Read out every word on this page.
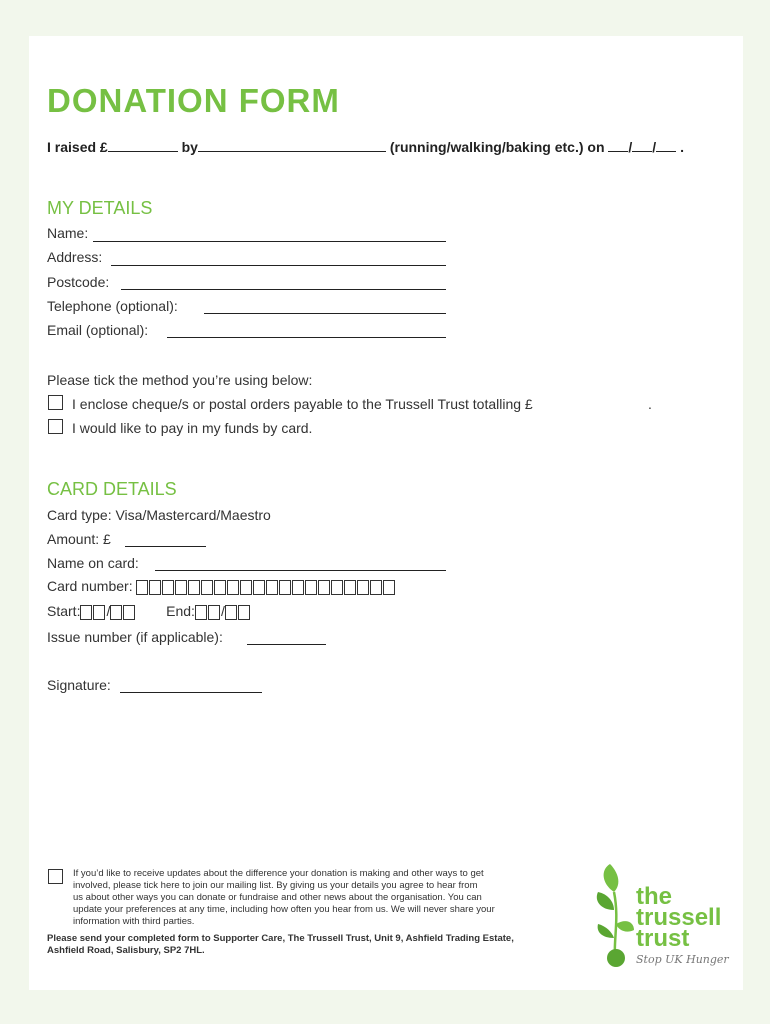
DONATION FORM
I raised £	by	(running/walking/baking etc.) on / / .
MY DETAILS
Name:
Address:
Postcode:
Telephone (optional):
Email (optional):
Please tick the method you’re using below:
I enclose cheque/s or postal orders payable to the Trussell Trust totalling £	.
I would like to pay in my funds by card.
CARD DETAILS
Card type: Visa/Mastercard/Maestro
Amount: £
Name on card:
Card number:
Start: /	End: /
Issue number (if applicable):
Signature:
If you’d like to receive updates about the difference your donation is making and other ways to get
involved, please tick here to join our mailing list. By giving us your details you agree to hear from
us about other ways you can donate or fundraise and other news about the organisation. You can
update your preferences at any time, including how often you hear from us. We will never share your
information with third parties.
Please send your completed form to Supporter Care, The Trussell Trust, Unit 9, Ashfield Trading Estate,
Ashfield Road, Salisbury, SP2 7HL.
the
trussell
trust
Stop UK Hunger
